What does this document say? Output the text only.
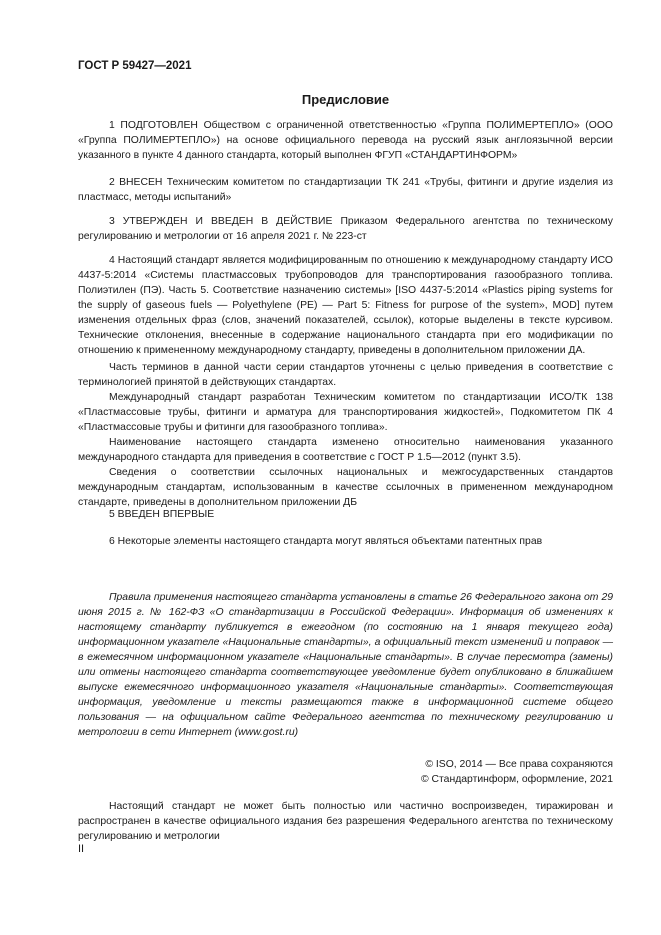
ГОСТ Р 59427—2021
Предисловие

1 ПОДГОТОВЛЕН Обществом с ограниченной ответственностью «Группа ПОЛИМЕРТЕПЛО» (ООО «Группа ПОЛИМЕРТЕПЛО») на основе официального перевода на русский язык англоязычной версии указанного в пункте 4 данного стандарта, который выполнен ФГУП «СТАНДАРТИНФОРМ»

2 ВНЕСЕН Техническим комитетом по стандартизации ТК 241 «Трубы, фитинги и другие изделия из пластмасс, методы испытаний»

3 УТВЕРЖДЕН И ВВЕДЕН В ДЕЙСТВИЕ Приказом Федерального агентства по техническому регулированию и метрологии от 16 апреля 2021 г. № 223-ст

4 Настоящий стандарт является модифицированным по отношению к международному стандарту ИСО 4437-5:2014 «Системы пластмассовых трубопроводов для транспортирования газообразного топлива. Полиэтилен (ПЭ). Часть 5. Соответствие назначению системы» [ISO 4437-5:2014 «Plastics piping systems for the supply of gaseous fuels — Polyethylene (PE) — Part 5: Fitness for purpose of the system», MOD] путем изменения отдельных фраз (слов, значений показателей, ссылок), которые выделены в тексте курсивом. Технические отклонения, внесенные в содержание национального стандарта при его модификации по отношению к примененному международному стандарту, приведены в дополнительном приложении ДА.

Часть терминов в данной части серии стандартов уточнены с целью приведения в соответствие с терминологией принятой в действующих стандартах.

Международный стандарт разработан Техническим комитетом по стандартизации ИСО/ТК 138 «Пластмассовые трубы, фитинги и арматура для транспортирования жидкостей», Подкомитетом ПК 4 «Пластмассовые трубы и фитинги для газообразного топлива».

Наименование настоящего стандарта изменено относительно наименования указанного международного стандарта для приведения в соответствие с ГОСТ Р 1.5—2012 (пункт 3.5).

Сведения о соответствии ссылочных национальных и межгосударственных стандартов международным стандартам, использованным в качестве ссылочных в примененном международном стандарте, приведены в дополнительном приложении ДБ

5 ВВЕДЕН ВПЕРВЫЕ

6 Некоторые элементы настоящего стандарта могут являться объектами патентных прав

Правила применения настоящего стандарта установлены в статье 26 Федерального закона от 29 июня 2015 г. № 162-ФЗ «О стандартизации в Российской Федерации». Информация об изменениях к настоящему стандарту публикуется в ежегодном (по состоянию на 1 января текущего года) информационном указателе «Национальные стандарты», а официальный текст изменений и поправок — в ежемесячном информационном указателе «Национальные стандарты». В случае пересмотра (замены) или отмены настоящего стандарта соответствующее уведомление будет опубликовано в ближайшем выпуске ежемесячного информационного указателя «Национальные стандарты». Соответствующая информация, уведомление и тексты размещаются также в информационной системе общего пользования — на официальном сайте Федерального агентства по техническому регулированию и метрологии в сети Интернет (www.gost.ru)

© ISO, 2014 — Все права сохраняются
© Стандартинформ, оформление, 2021

Настоящий стандарт не может быть полностью или частично воспроизведен, тиражирован и распространен в качестве официального издания без разрешения Федерального агентства по техническому регулированию и метрологии

II
